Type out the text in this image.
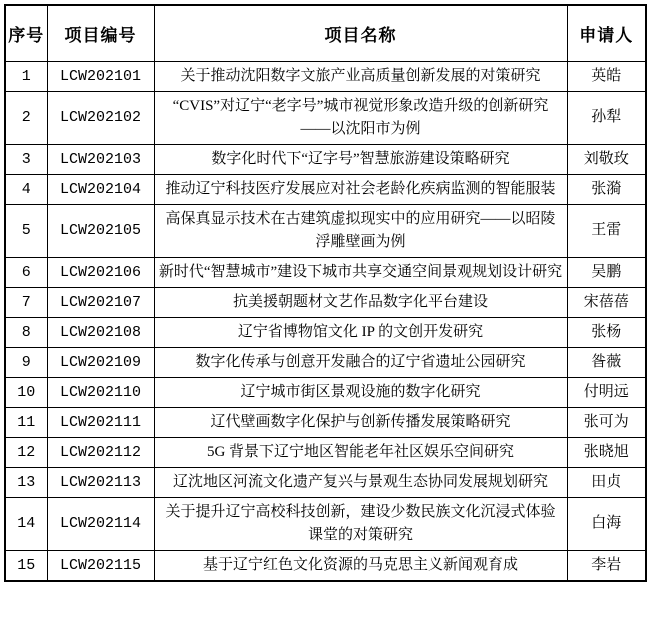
序号	项目编号	项目名称	申请人
1	LCW202101	关于推动沈阳数字文旅产业高质量创新发展的对策研究	英皓
2	LCW202102	“CVIS”对辽宁“老字号”城市视觉形象改造升级的创新研究——以沈阳市为例	孙犁
3	LCW202103	数字化时代下“辽字号”智慧旅游建设策略研究	刘敬玫
4	LCW202104	推动辽宁科技医疗发展应对社会老龄化疾病监测的智能服装	张漪
5	LCW202105	高保真显示技术在古建筑虚拟现实中的应用研究——以昭陵浮雕壁画为例	王雷
6	LCW202106	新时代“智慧城市”建设下城市共享交通空间景观规划设计研究	吴鹏
7	LCW202107	抗美援朝题材文艺作品数字化平台建设	宋蓓蓓
8	LCW202108	辽宁省博物馆文化 IP 的文创开发研究	张杨
9	LCW202109	数字化传承与创意开发融合的辽宁省遗址公园研究	昝薇
10	LCW202110	辽宁城市街区景观设施的数字化研究	付明远
11	LCW202111	辽代壁画数字化保护与创新传播发展策略研究	张可为
12	LCW202112	5G 背景下辽宁地区智能老年社区娱乐空间研究	张晓旭
13	LCW202113	辽沈地区河流文化遗产复兴与景观生态协同发展规划研究	田贞
14	LCW202114	关于提升辽宁高校科技创新，建设少数民族文化沉浸式体验课堂的对策研究	白海
15	LCW202115	基于辽宁红色文化资源的马克思主义新闻观育成	李岩
